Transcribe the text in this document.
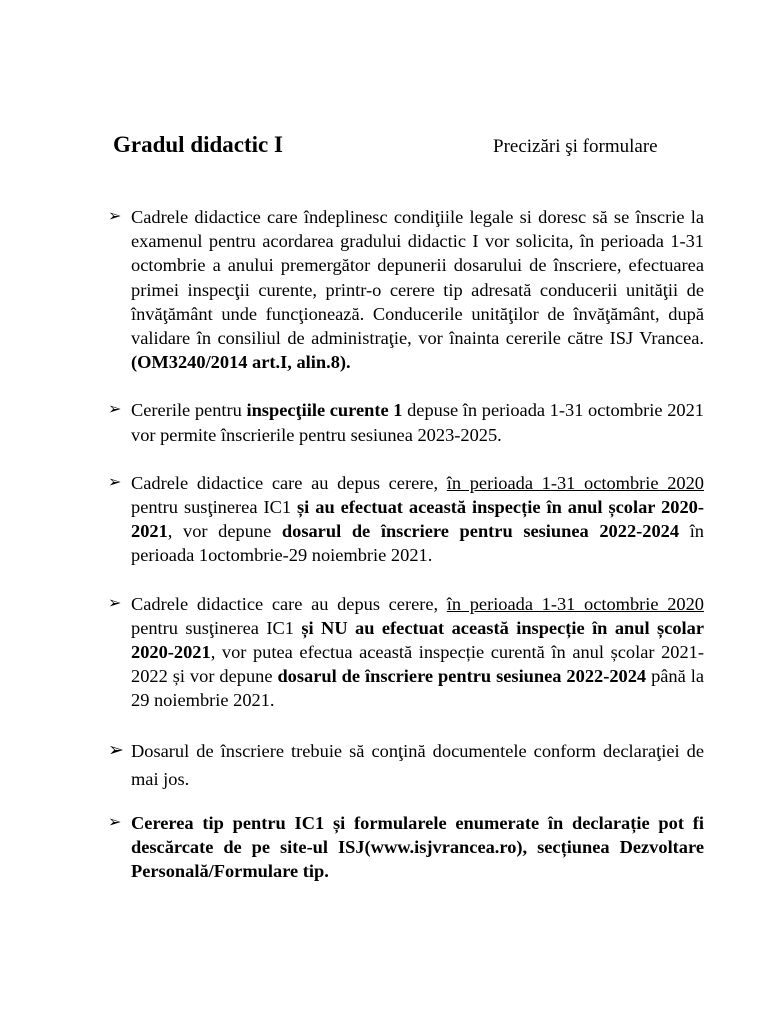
Gradul didactic I	Precizări şi formulare

➢ Cadrele didactice care îndeplinesc condiţiile legale si doresc să se înscrie la examenul pentru acordarea gradului didactic I vor solicita, în perioada 1-31 octombrie a anului premergător depunerii dosarului de înscriere, efectuarea primei inspecţii curente, printr-o cerere tip adresată conducerii unităţii de învăţământ unde funcţionează. Conducerile unităţilor de învăţământ, după validare în consiliul de administraţie, vor înainta cererile către ISJ Vrancea. (OM3240/2014 art.I, alin.8).
➢ Cererile pentru inspecţiile curente 1 depuse în perioada 1-31 octombrie 2021 vor permite înscrierile pentru sesiunea 2023-2025.
➢ Cadrele didactice care au depus cerere, în perioada 1-31 octombrie 2020 pentru susţinerea IC1 și au efectuat această inspecție în anul școlar 2020-2021, vor depune dosarul de înscriere pentru sesiunea 2022-2024 în perioada 1octombrie-29 noiembrie 2021.
➢ Cadrele didactice care au depus cerere, în perioada 1-31 octombrie 2020 pentru susţinerea IC1 și NU au efectuat această inspecție în anul școlar 2020-2021, vor putea efectua această inspecție curentă în anul școlar 2021-2022 și vor depune dosarul de înscriere pentru sesiunea 2022-2024 până la 29 noiembrie 2021.
➢ Dosarul de înscriere trebuie să conţină documentele conform declaraţiei de mai jos.
➢ Cererea tip pentru IC1 și formularele enumerate în declarație pot fi descărcate de pe site-ul ISJ(www.isjvrancea.ro), secțiunea Dezvoltare Personală/Formulare tip.
